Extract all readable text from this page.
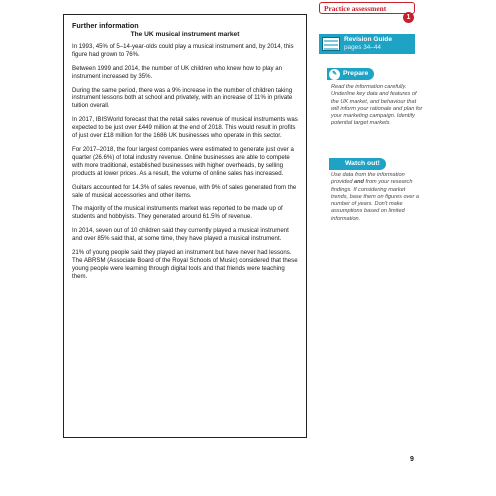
Further information
The UK musical instrument market

In 1993, 45% of 5–14-year-olds could play a musical instrument and, by 2014, this figure had grown to 76%.

Between 1999 and 2014, the number of UK children who knew how to play an instrument increased by 35%.

During the same period, there was a 9% increase in the number of children taking instrument lessons both at school and privately, with an increase of 11% in private tuition overall.

In 2017, IBISWorld forecast that the retail sales revenue of musical instruments was expected to be just over £449 million at the end of 2018. This would result in profits of just over £18 million for the 1686 UK businesses who operate in this sector.

For 2017–2018, the four largest companies were estimated to generate just over a quarter (26.6%) of total industry revenue. Online businesses are able to compete with more traditional, established businesses with higher overheads, by selling products at lower prices. As a result, the volume of online sales has increased.

Guitars accounted for 14.3% of sales revenue, with 9% of sales generated from the sale of musical accessories and other items.

The majority of the musical instruments market was reported to be made up of students and hobbyists. They generated around 61.5% of revenue.

In 2014, seven out of 10 children said they currently played a musical instrument and over 85% said that, at some time, they have played a musical instrument.

21% of young people said they played an instrument but have never had lessons. The ABRSM (Associate Board of the Royal Schools of Music) considered that these young people were learning through digital tools and that friends were teaching them.

Practice assessment
1
Revision Guide
pages 34–44
✎ Prepare
Read the information carefully. Underline key data and features of the UK market, and behaviour that will inform your rationale and plan for your marketing campaign. Identify potential target markets.
Watch out!
Use data from the information provided and from your research findings. If considering market trends, base them on figures over a number of years. Don't make assumptions based on limited information.
9
